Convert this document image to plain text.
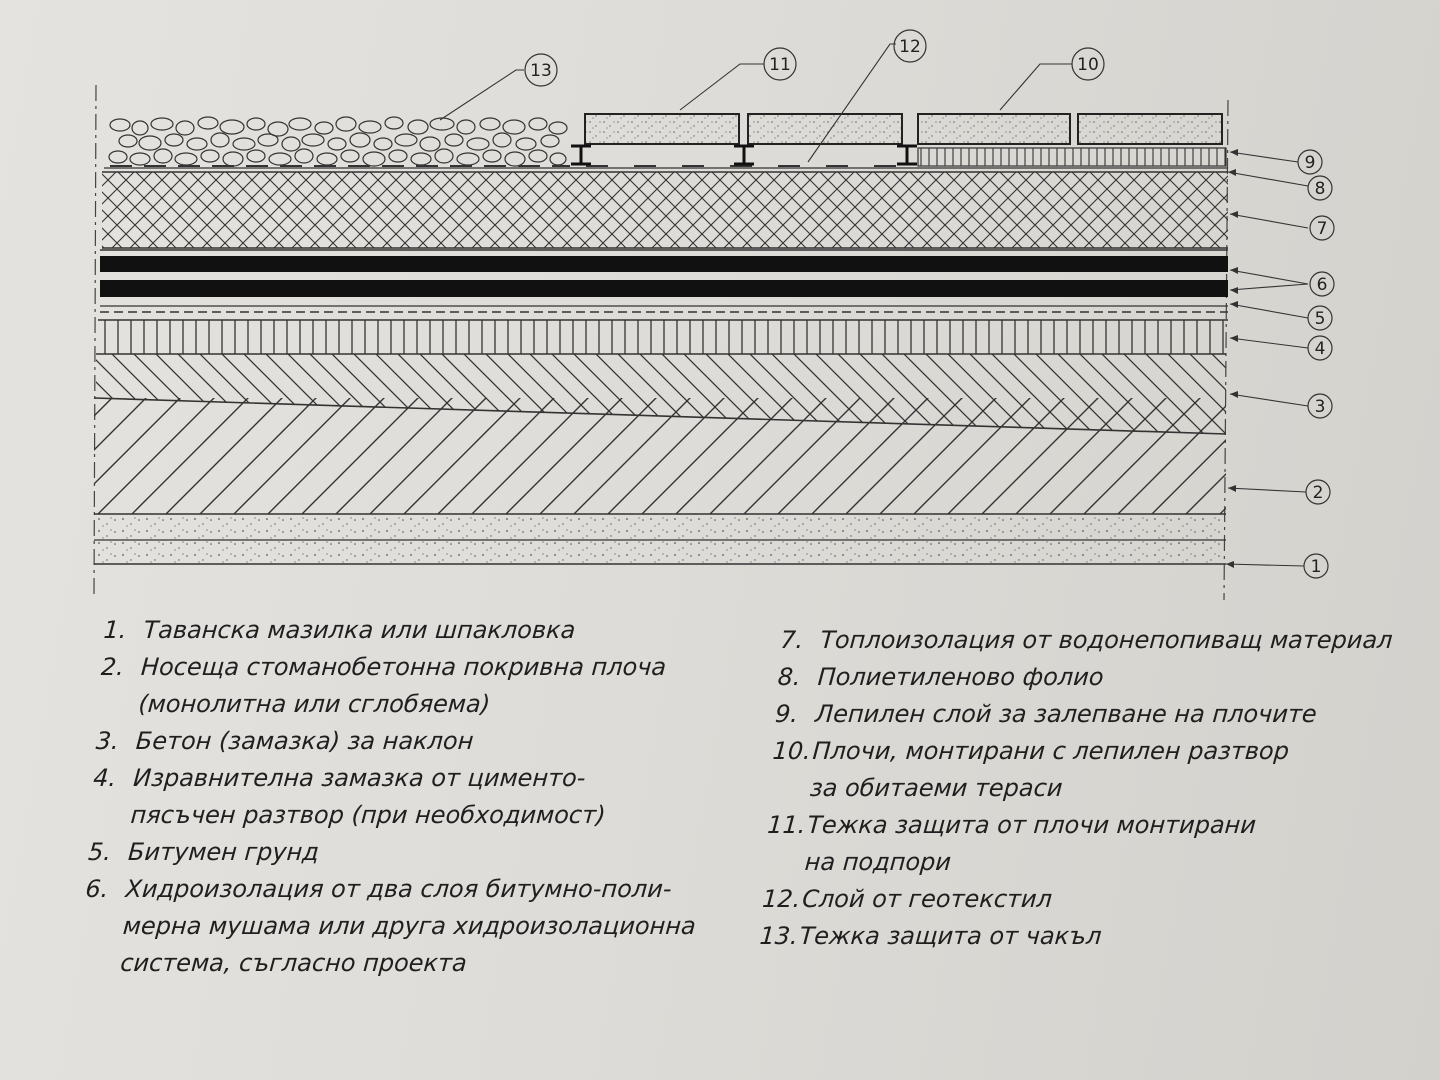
13	11
12
10
9
8
7
6
5
4
3
2
1
1. Таванска мазилка или шпакловка
2. Носеща стоманобетонна покривна плоча
(монолитна или сглобяема)
3. Бетон (замазка) за наклон
4. Изравнителна замазка от циментo-
пясъчен разтвор (при необходимост)
5. Битумен грунд
6. Хидроизолация от два слоя битумно-поли-
мерна мушама или друга хидроизолационна
система, съгласно проекта
7. Топлоизолация от водонепопиващ материал
8. Полиетиленово фолио
9. Лепилен слой за залепване на плочите
10. Плочи, монтирани с лепилен разтвор
за обитаеми тераси
11. Тежка защита от плочи монтирани
на подпори
12. Слой от геотекстил
13. Тежка защита от чакъл
